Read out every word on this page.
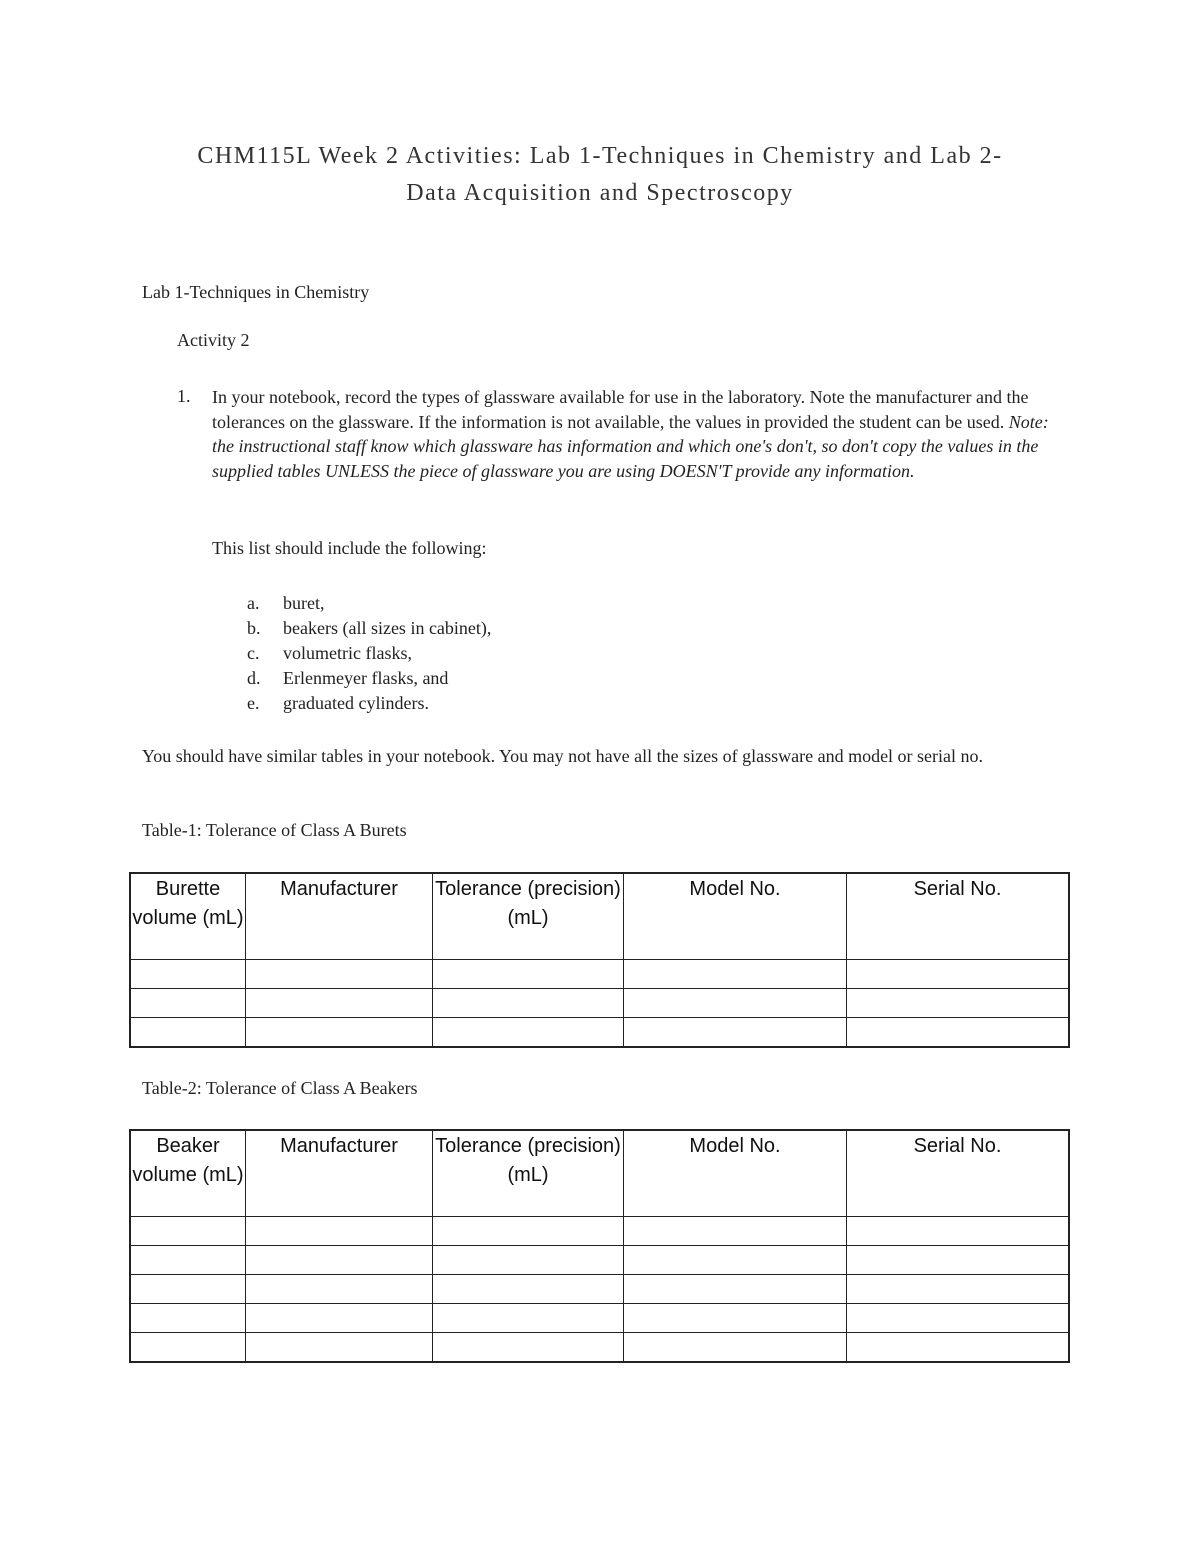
CHM115L Week 2 Activities: Lab 1-Techniques in Chemistry and Lab 2-
Data Acquisition and Spectroscopy
Lab 1-Techniques in Chemistry
Activity 2
1. In your notebook, record the types of glassware available for use in the laboratory. Note the manufacturer and the tolerances on the glassware. If the information is not available, the values in provided the student can be used. Note: the instructional staff know which glassware has information and which one's don't, so don't copy the values in the supplied tables UNLESS the piece of glassware you are using DOESN'T provide any information.
This list should include the following:
a. buret,
b. beakers (all sizes in cabinet),
c. volumetric flasks,
d. Erlenmeyer flasks, and
e. graduated cylinders.
You should have similar tables in your notebook. You may not have all the sizes of glassware and model or serial no.
Table-1: Tolerance of Class A Burets
Burette volume (mL)	Manufacturer	Tolerance (precision) (mL)	Model No.	Serial No.

Table-2: Tolerance of Class A Beakers
Beaker volume (mL)	Manufacturer	Tolerance (precision) (mL)	Model No.	Serial No.
